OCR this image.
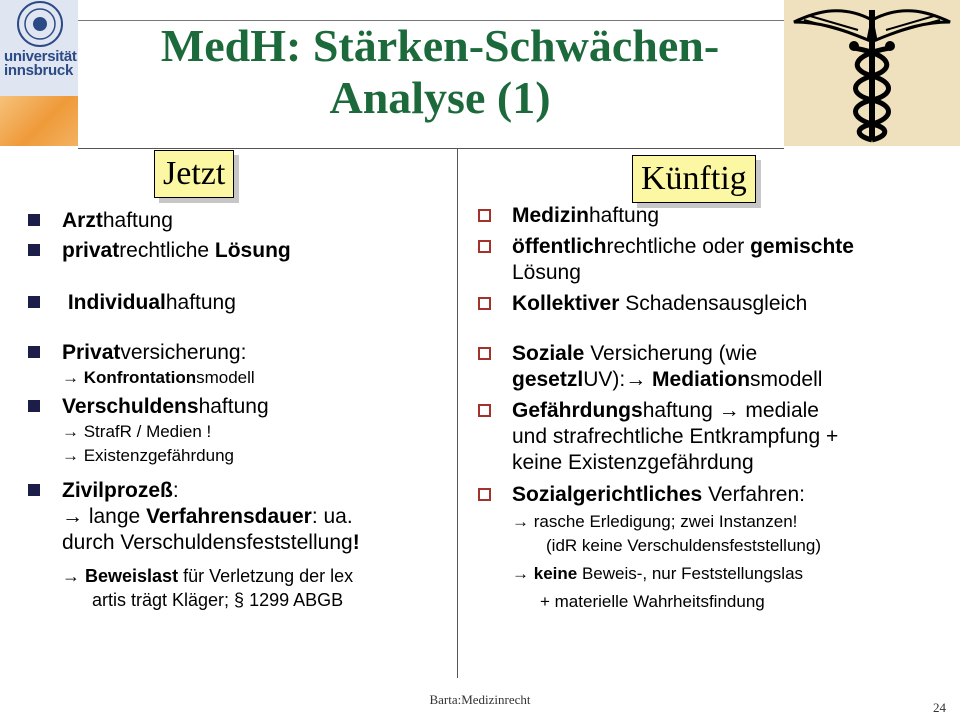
universität
innsbruck	MedH: Stärken-Schwächen-
Analyse (1)
Jetzt	Künftig
Arzthaftung
privatrechtliche Lösung
Individualhaftung
Privatversicherung:
→ Konfrontationsmodell
Verschuldenshaftung
→ StrafR / Medien !
→ Existenzgefährdung
Zivilprozeß:
→ lange Verfahrensdauer: ua.
durch Verschuldensfeststellung!
→ Beweislast für Verletzung der lex
artis trägt Kläger; § 1299 ABGB
Medizinhaftung
öffentlichrechtliche oder gemischte
Lösung
Kollektiver Schadensausgleich
Soziale Versicherung (wie
gesetzlUV):→ Mediationsmodell
Gefährdungshaftung → mediale
und strafrechtliche Entkrampfung +
keine Existenzgefährdung
Sozialgerichtliches Verfahren:
→ rasche Erledigung; zwei Instanzen!
(idR keine Verschuldensfeststellung)
→ keine Beweis-, nur Feststellungslas
+ materielle Wahrheitsfindung
Barta:Medizinrecht
24
